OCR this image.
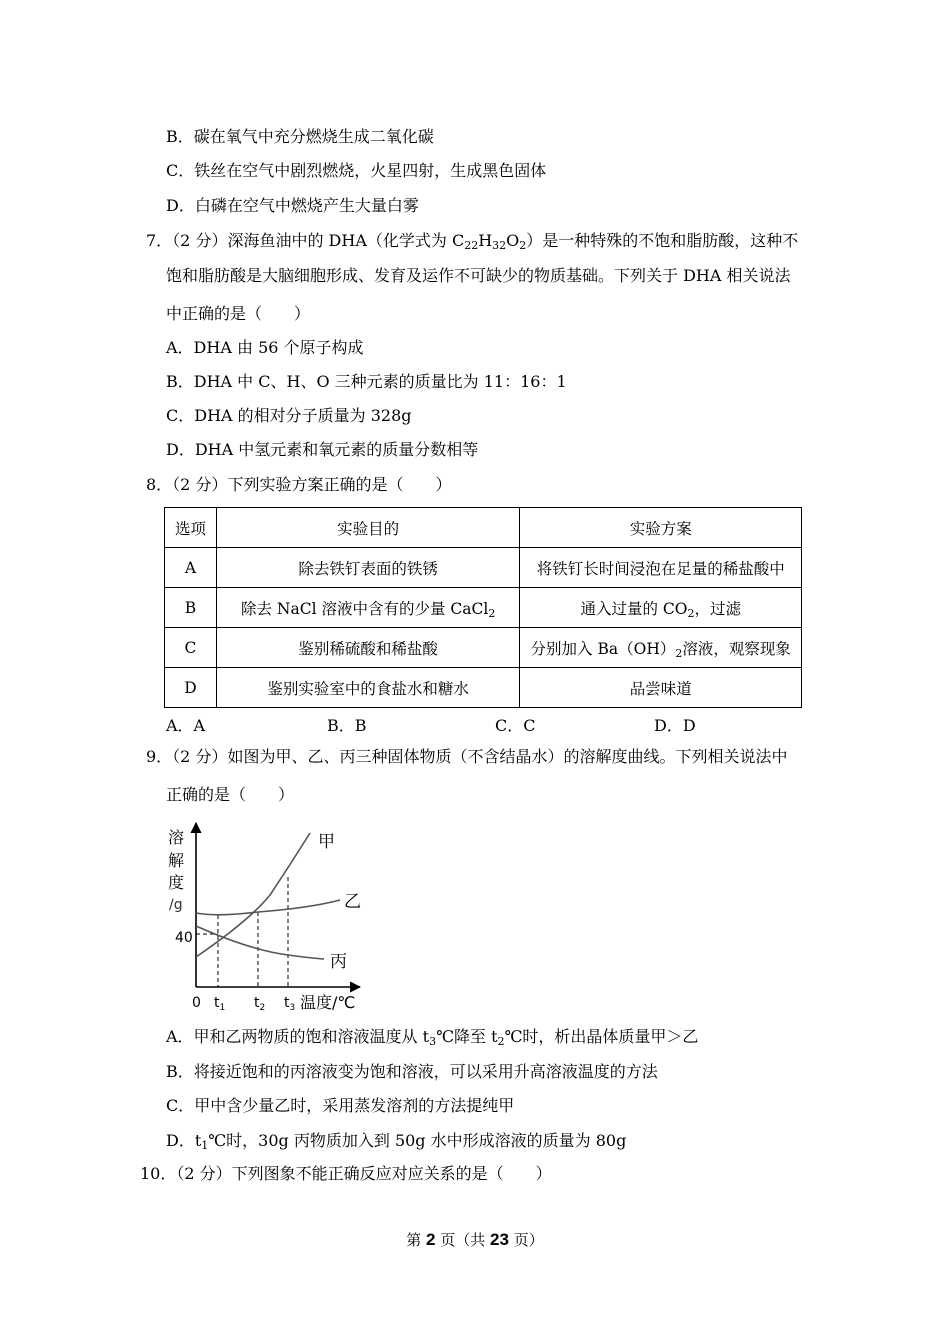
B．碳在氧气中充分燃烧生成二氧化碳
C．铁丝在空气中剧烈燃烧，火星四射，生成黑色固体
D．白磷在空气中燃烧产生大量白雾
7．（2 分）深海鱼油中的 DHA（化学式为 $C_{22}H_{32}O_2$）是一种特殊的不饱和脂肪酸，这种不
饱和脂肪酸是大脑细胞形成、发育及运作不可缺少的物质基础。下列关于 DHA 相关说法
中正确的是（　　）
A．DHA 由 56 个原子构成
B．DHA 中 C、H、O 三种元素的质量比为 11：16：1
C．DHA 的相对分子质量为 328g
D．DHA 中氢元素和氧元素的质量分数相等
8．（2 分）下列实验方案正确的是（　　）
选项	实验目的	实验方案
A	除去铁钉表面的铁锈	将铁钉长时间浸泡在足量的稀盐酸中
B	除去 NaCl 溶液中含有的少量 CaCl$_2$	通入过量的 $CO_2$，过滤
C	鉴别稀硫酸和稀盐酸	分别加入 $Ba(OH)_2$溶液，观察现象
D	鉴别实验室中的食盐水和糖水	品尝味道
A．A	B．B	C．C	D．D
9．（2 分）如图为甲、乙、丙三种固体物质（不含结晶水）的溶解度曲线。下列相关说法中
正确的是（　　）
溶
解
度
/g
40
甲
乙
丙
0 $t_1$ $t_2$ $t_3$ 温度/℃
A．甲和乙两物质的饱和溶液温度从 $t_3℃$降至 $t_2℃$时，析出晶体质量甲＞乙
B．将接近饱和的丙溶液变为饱和溶液，可以采用升高溶液温度的方法
C．甲中含少量乙时，采用蒸发溶剂的方法提纯甲
D．$t_1℃$时，30g 丙物质加入到 50g 水中形成溶液的质量为 80g
10．（2 分）下列图象不能正确反应对应关系的是（　　）
第 2 页（共 23 页）
